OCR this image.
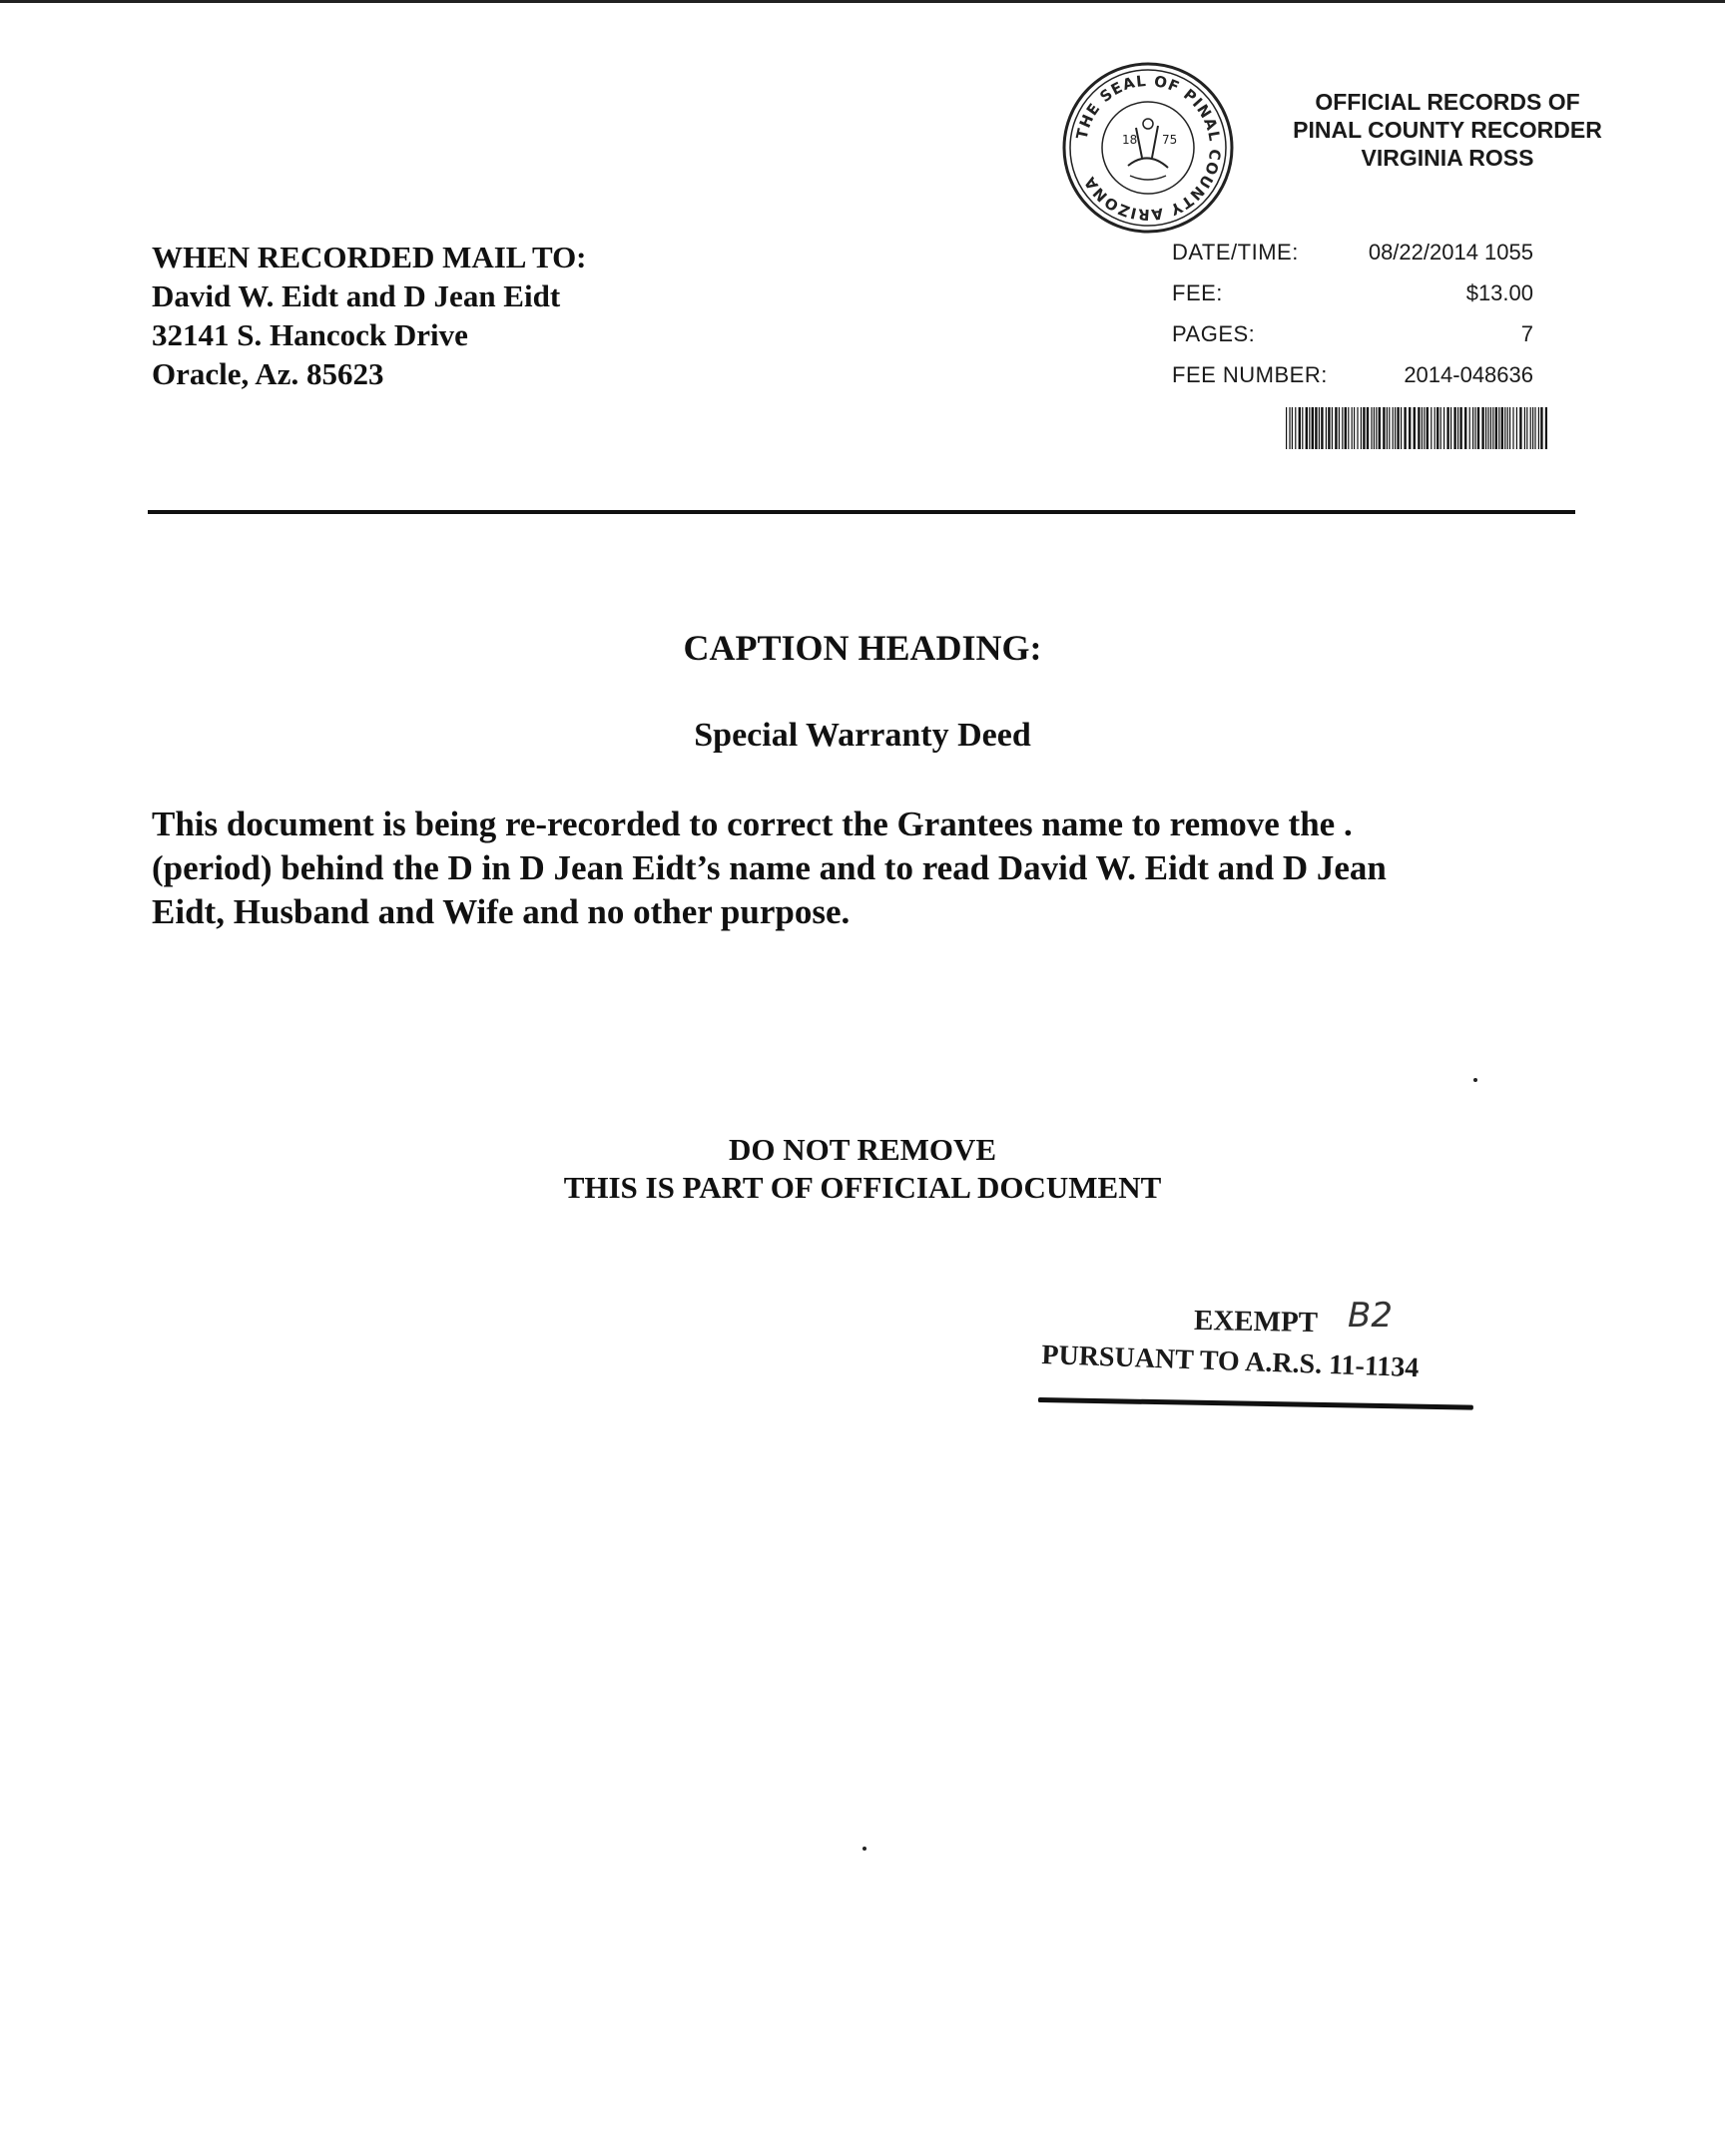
THE SEAL OF PINAL COUNTY ARIZONA
18 75
OFFICIAL RECORDS OF
PINAL COUNTY RECORDER
VIRGINIA ROSS
DATE/TIME:	08/22/2014 1055
FEE:	$13.00
PAGES:	7
FEE NUMBER:	2014-048636
WHEN RECORDED MAIL TO:
David W. Eidt and D Jean Eidt
32141 S. Hancock Drive
Oracle, Az. 85623
CAPTION HEADING:
Special Warranty Deed
This document is being re-recorded to correct the Grantees name to remove the .
(period) behind the D in D Jean Eidt’s name and to read David W. Eidt and D Jean
Eidt, Husband and Wife and no other purpose.
DO NOT REMOVE
THIS IS PART OF OFFICIAL DOCUMENT
EXEMPT B2
PURSUANT TO A.R.S. 11-1134
